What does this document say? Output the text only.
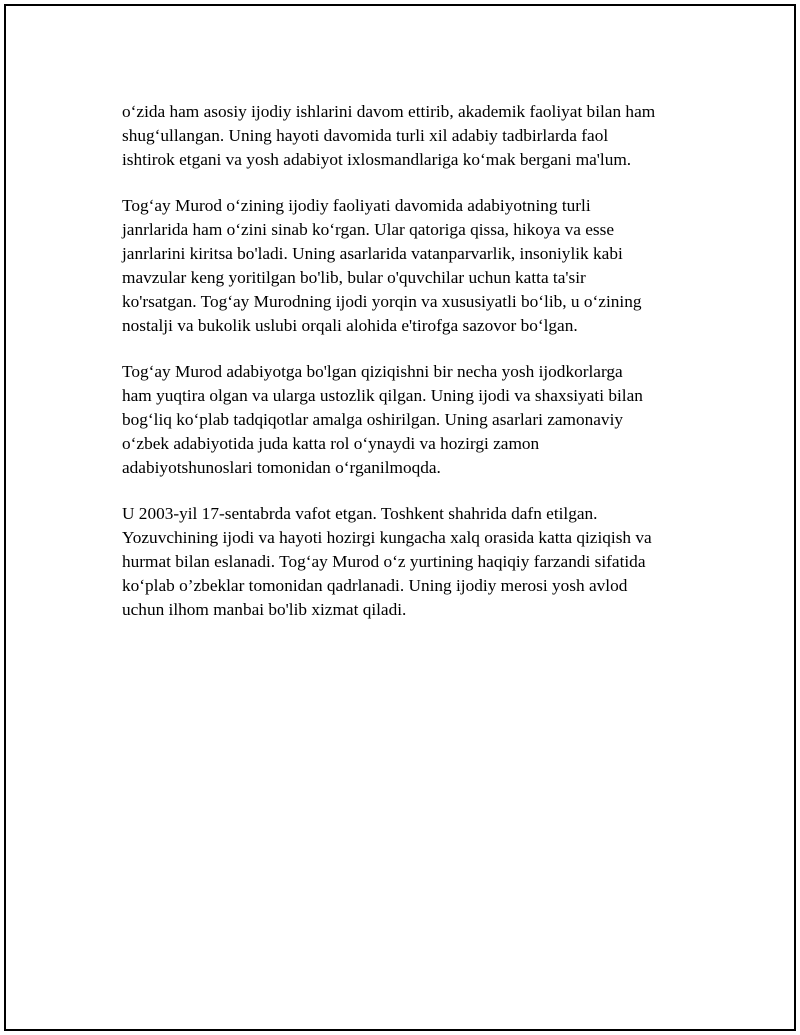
o‘zida ham asosiy ijodiy ishlarini davom ettirib, akademik faoliyat bilan ham
shug‘ullangan. Uning hayoti davomida turli xil adabiy tadbirlarda faol
ishtirok etgani va yosh adabiyot ixlosmandlariga ko‘mak bergani ma'lum.

Tog‘ay Murod o‘zining ijodiy faoliyati davomida adabiyotning turli
janrlarida ham o‘zini sinab ko‘rgan. Ular qatoriga qissa, hikoya va esse
janrlarini kiritsa bo'ladi. Uning asarlarida vatanparvarlik, insoniylik kabi
mavzular keng yoritilgan bo'lib, bular o'quvchilar uchun katta ta'sir
ko'rsatgan. Tog‘ay Murodning ijodi yorqin va xususiyatli bo‘lib, u o‘zining
nostalji va bukolik uslubi orqali alohida e'tirofga sazovor bo‘lgan.

Tog‘ay Murod adabiyotga bo'lgan qiziqishni bir necha yosh ijodkorlarga
ham yuqtira olgan va ularga ustozlik qilgan. Uning ijodi va shaxsiyati bilan
bog‘liq ko‘plab tadqiqotlar amalga oshirilgan. Uning asarlari zamonaviy
o‘zbek adabiyotida juda katta rol o‘ynaydi va hozirgi zamon
adabiyotshunoslari tomonidan o‘rganilmoqda.

U 2003-yil 17-sentabrda vafot etgan. Toshkent shahrida dafn etilgan.
Yozuvchining ijodi va hayoti hozirgi kungacha xalq orasida katta qiziqish va
hurmat bilan eslanadi. Tog‘ay Murod o‘z yurtining haqiqiy farzandi sifatida
ko‘plab o’zbeklar tomonidan qadrlanadi. Uning ijodiy merosi yosh avlod
uchun ilhom manbai bo'lib xizmat qiladi.
